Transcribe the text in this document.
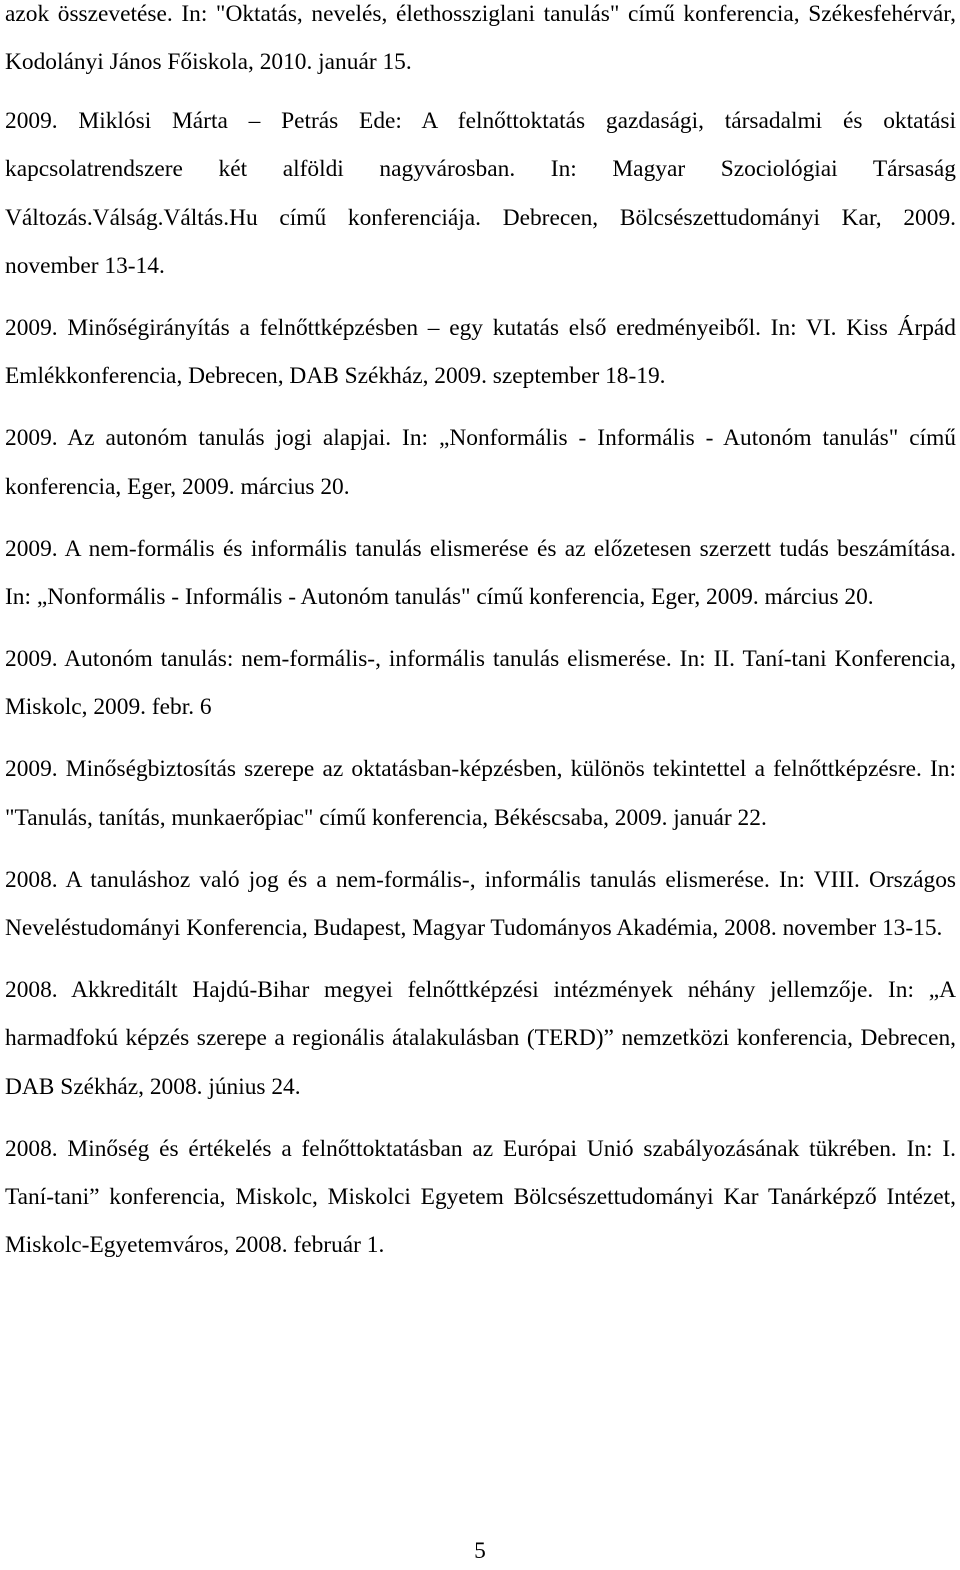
azok összevetése. In: "Oktatás, nevelés, élethossziglani tanulás" című konferencia, Székesfehérvár, Kodolányi János Főiskola, 2010. január 15.

2009. Miklósi Márta – Petrás Ede: A felnőttoktatás gazdasági, társadalmi és oktatási kapcsolatrendszere két alföldi nagyvárosban. In: Magyar Szociológiai Társaság Változás.Válság.Váltás.Hu című konferenciája. Debrecen, Bölcsészettudományi Kar, 2009. november 13-14.

2009. Minőségirányítás a felnőttképzésben – egy kutatás első eredményeiből. In: VI. Kiss Árpád Emlékkonferencia, Debrecen, DAB Székház, 2009. szeptember 18-19.

2009. Az autonóm tanulás jogi alapjai. In: „Nonformális - Informális - Autonóm tanulás" című konferencia, Eger, 2009. március 20.

2009. A nem-formális és informális tanulás elismerése és az előzetesen szerzett tudás beszámítása. In: „Nonformális - Informális - Autonóm tanulás" című konferencia, Eger, 2009. március 20.

2009. Autonóm tanulás: nem-formális-, informális tanulás elismerése. In: II. Taní-tani Konferencia, Miskolc, 2009. febr. 6

2009. Minőségbiztosítás szerepe az oktatásban-képzésben, különös tekintettel a felnőttképzésre. In: "Tanulás, tanítás, munkaerőpiac" című konferencia, Békéscsaba, 2009. január 22.

2008. A tanuláshoz való jog és a nem-formális-, informális tanulás elismerése. In: VIII. Országos Neveléstudományi Konferencia, Budapest, Magyar Tudományos Akadémia, 2008. november 13-15.

2008. Akkreditált Hajdú-Bihar megyei felnőttképzési intézmények néhány jellemzője. In: „A harmadfokú képzés szerepe a regionális átalakulásban (TERD)” nemzetközi konferencia, Debrecen, DAB Székház, 2008. június 24.

2008. Minőség és értékelés a felnőttoktatásban az Európai Unió szabályozásának tükrében. In: I. Taní-tani” konferencia, Miskolc, Miskolci Egyetem Bölcsészettudományi Kar Tanárképző Intézet, Miskolc-Egyetemváros, 2008. február 1.

5
